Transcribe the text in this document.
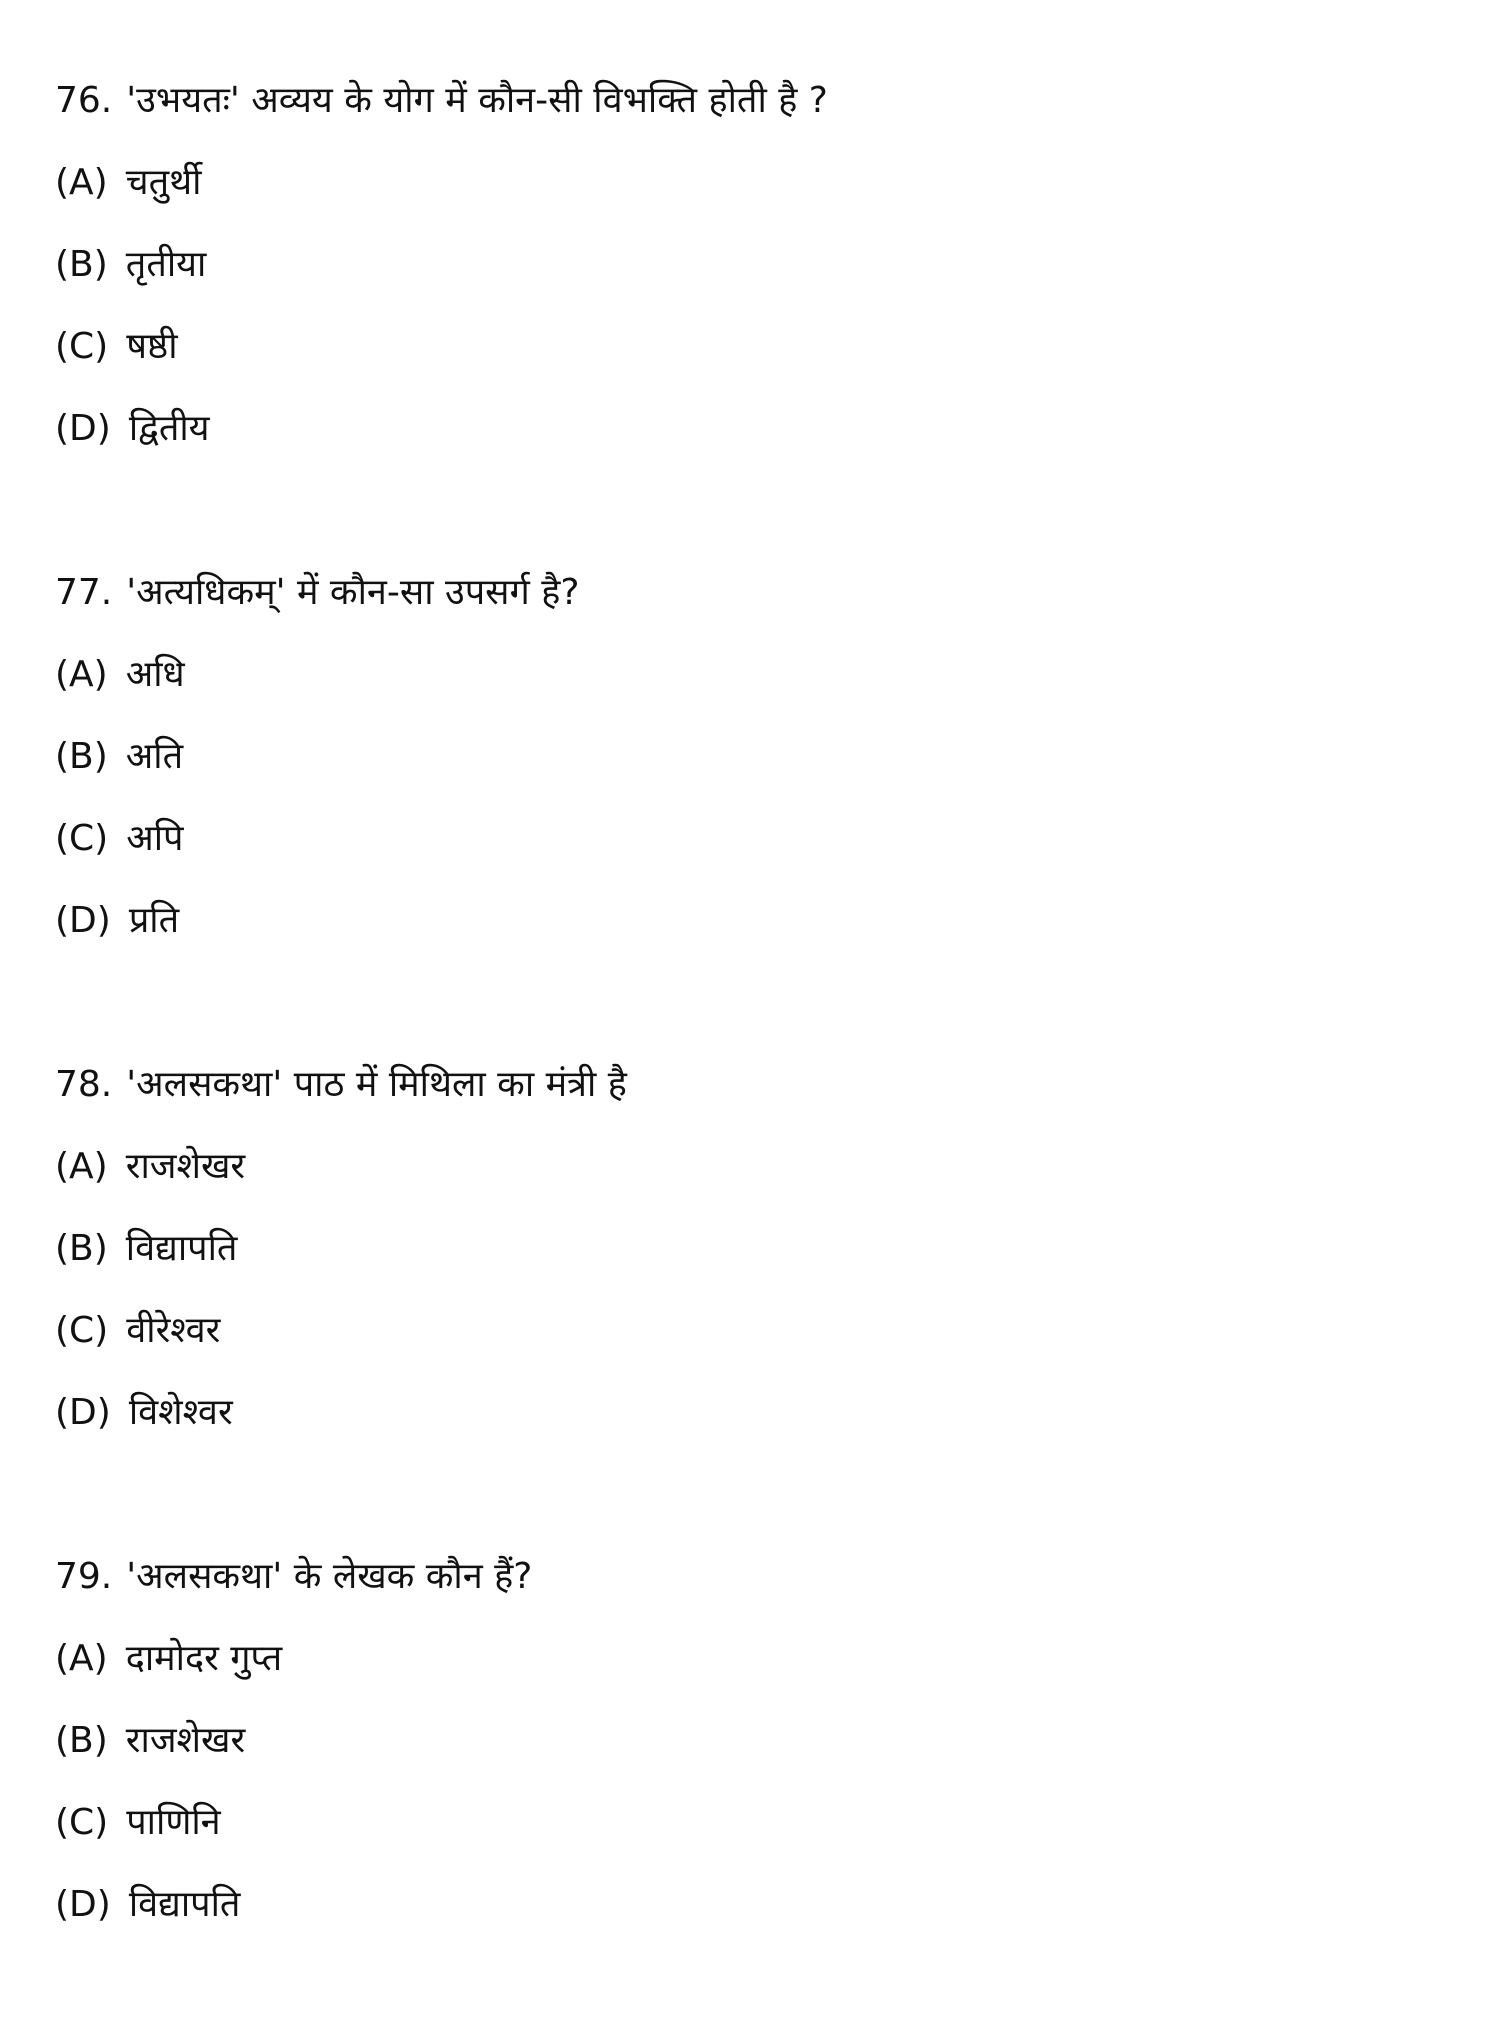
76. 'उभयतः' अव्यय के योग में कौन-सी विभक्ति होती है ?
(A) चतुर्थी
(B) तृतीया
(C) षष्ठी
(D) द्वितीय
77. 'अत्यधिकम्' में कौन-सा उपसर्ग है?
(A) अधि
(B) अति
(C) अपि
(D) प्रति
78. 'अलसकथा' पाठ में मिथिला का मंत्री है
(A) राजशेखर
(B) विद्यापति
(C) वीरेश्वर
(D) विशेश्वर
79. 'अलसकथा' के लेखक कौन हैं?
(A) दामोदर गुप्त
(B) राजशेखर
(C) पाणिनि
(D) विद्यापति
